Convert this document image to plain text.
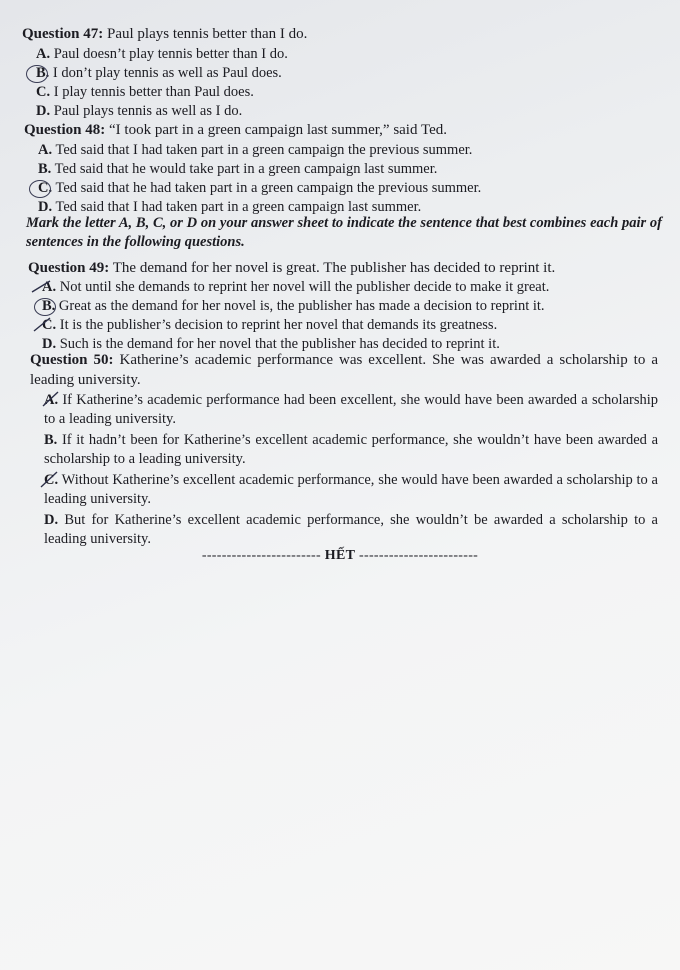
Question 47: Paul plays tennis better than I do.
A. Paul doesn’t play tennis better than I do.
B. I don’t play tennis as well as Paul does.
C. I play tennis better than Paul does.
D. Paul plays tennis as well as I do.
Question 48: “I took part in a green campaign last summer,” said Ted.
A. Ted said that I had taken part in a green campaign the previous summer.
B. Ted said that he would take part in a green campaign last summer.
C. Ted said that he had taken part in a green campaign the previous summer.
D. Ted said that I had taken part in a green campaign last summer.
Mark the letter A, B, C, or D on your answer sheet to indicate the sentence that best combines each pair of sentences in the following questions.
Question 49: The demand for her novel is great. The publisher has decided to reprint it.
A. Not until she demands to reprint her novel will the publisher decide to make it great.
B. Great as the demand for her novel is, the publisher has made a decision to reprint it.
C. It is the publisher’s decision to reprint her novel that demands its greatness.
D. Such is the demand for her novel that the publisher has decided to reprint it.
Question 50: Katherine’s academic performance was excellent. She was awarded a scholarship to a leading university.
A. If Katherine’s academic performance had been excellent, she would have been awarded a scholarship to a leading university.
B. If it hadn’t been for Katherine’s excellent academic performance, she wouldn’t have been awarded a scholarship to a leading university.
C. Without Katherine’s excellent academic performance, she would have been awarded a scholarship to a leading university.
D. But for Katherine’s excellent academic performance, she wouldn’t be awarded a scholarship to a leading university.
------------------------ HẾT ------------------------
